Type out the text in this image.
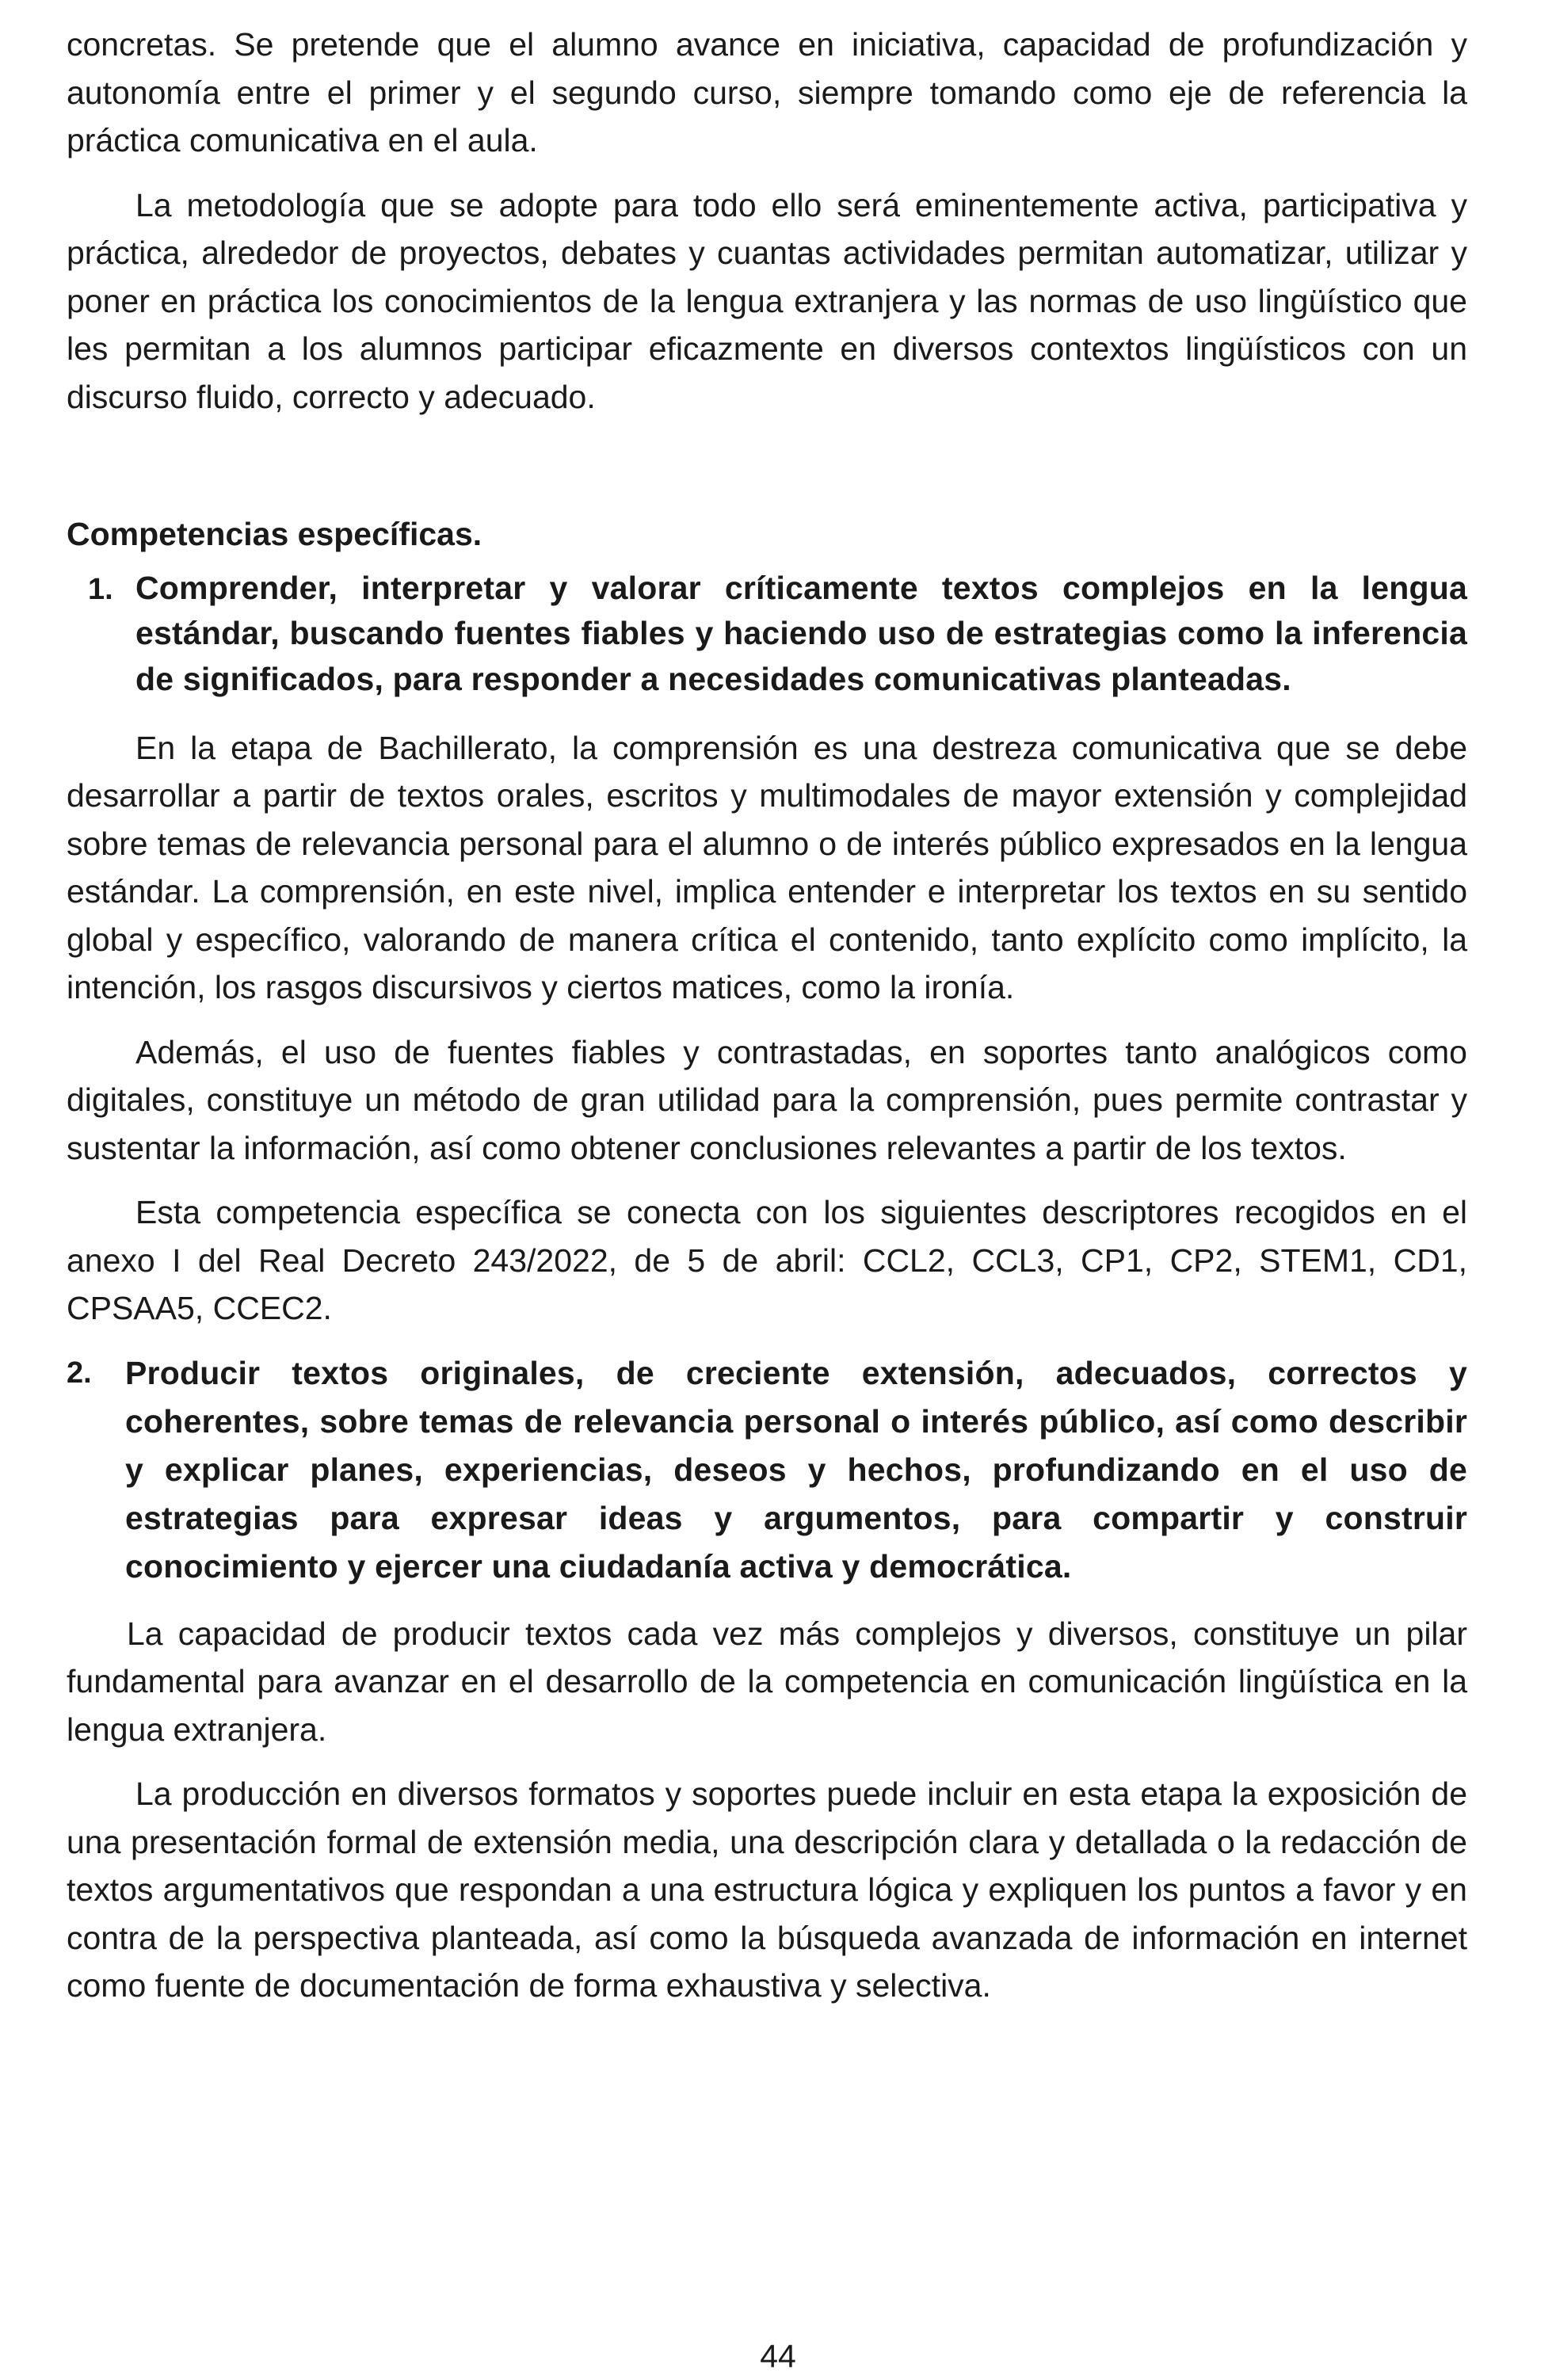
concretas. Se pretende que el alumno avance en iniciativa, capacidad de profundización y autonomía entre el primer y el segundo curso, siempre tomando como eje de referencia la práctica comunicativa en el aula.

La metodología que se adopte para todo ello será eminentemente activa, participativa y práctica, alrededor de proyectos, debates y cuantas actividades permitan automatizar, utilizar y poner en práctica los conocimientos de la lengua extranjera y las normas de uso lingüístico que les permitan a los alumnos participar eficazmente en diversos contextos lingüísticos con un discurso fluido, correcto y adecuado.

Competencias específicas.
1. Comprender, interpretar y valorar críticamente textos complejos en la lengua estándar, buscando fuentes fiables y haciendo uso de estrategias como la inferencia de significados, para responder a necesidades comunicativas planteadas.

En la etapa de Bachillerato, la comprensión es una destreza comunicativa que se debe desarrollar a partir de textos orales, escritos y multimodales de mayor extensión y complejidad sobre temas de relevancia personal para el alumno o de interés público expresados en la lengua estándar. La comprensión, en este nivel, implica entender e interpretar los textos en su sentido global y específico, valorando de manera crítica el contenido, tanto explícito como implícito, la intención, los rasgos discursivos y ciertos matices, como la ironía.

Además, el uso de fuentes fiables y contrastadas, en soportes tanto analógicos como digitales, constituye un método de gran utilidad para la comprensión, pues permite contrastar y sustentar la información, así como obtener conclusiones relevantes a partir de los textos.

Esta competencia específica se conecta con los siguientes descriptores recogidos en el anexo I del Real Decreto 243/2022, de 5 de abril: CCL2, CCL3, CP1, CP2, STEM1, CD1, CPSAA5, CCEC2.

2.	Producir textos originales, de creciente extensión, adecuados, correctos y coherentes, sobre temas de relevancia personal o interés público, así como describir y explicar planes, experiencias, deseos y hechos, profundizando en el uso de estrategias para expresar ideas y argumentos, para compartir y construir conocimiento y ejercer una ciudadanía activa y democrática.

La capacidad de producir textos cada vez más complejos y diversos, constituye un pilar fundamental para avanzar en el desarrollo de la competencia en comunicación lingüística en la lengua extranjera.

La producción en diversos formatos y soportes puede incluir en esta etapa la exposición de una presentación formal de extensión media, una descripción clara y detallada o la redacción de textos argumentativos que respondan a una estructura lógica y expliquen los puntos a favor y en contra de la perspectiva planteada, así como la búsqueda avanzada de información en internet como fuente de documentación de forma exhaustiva y selectiva.

44
